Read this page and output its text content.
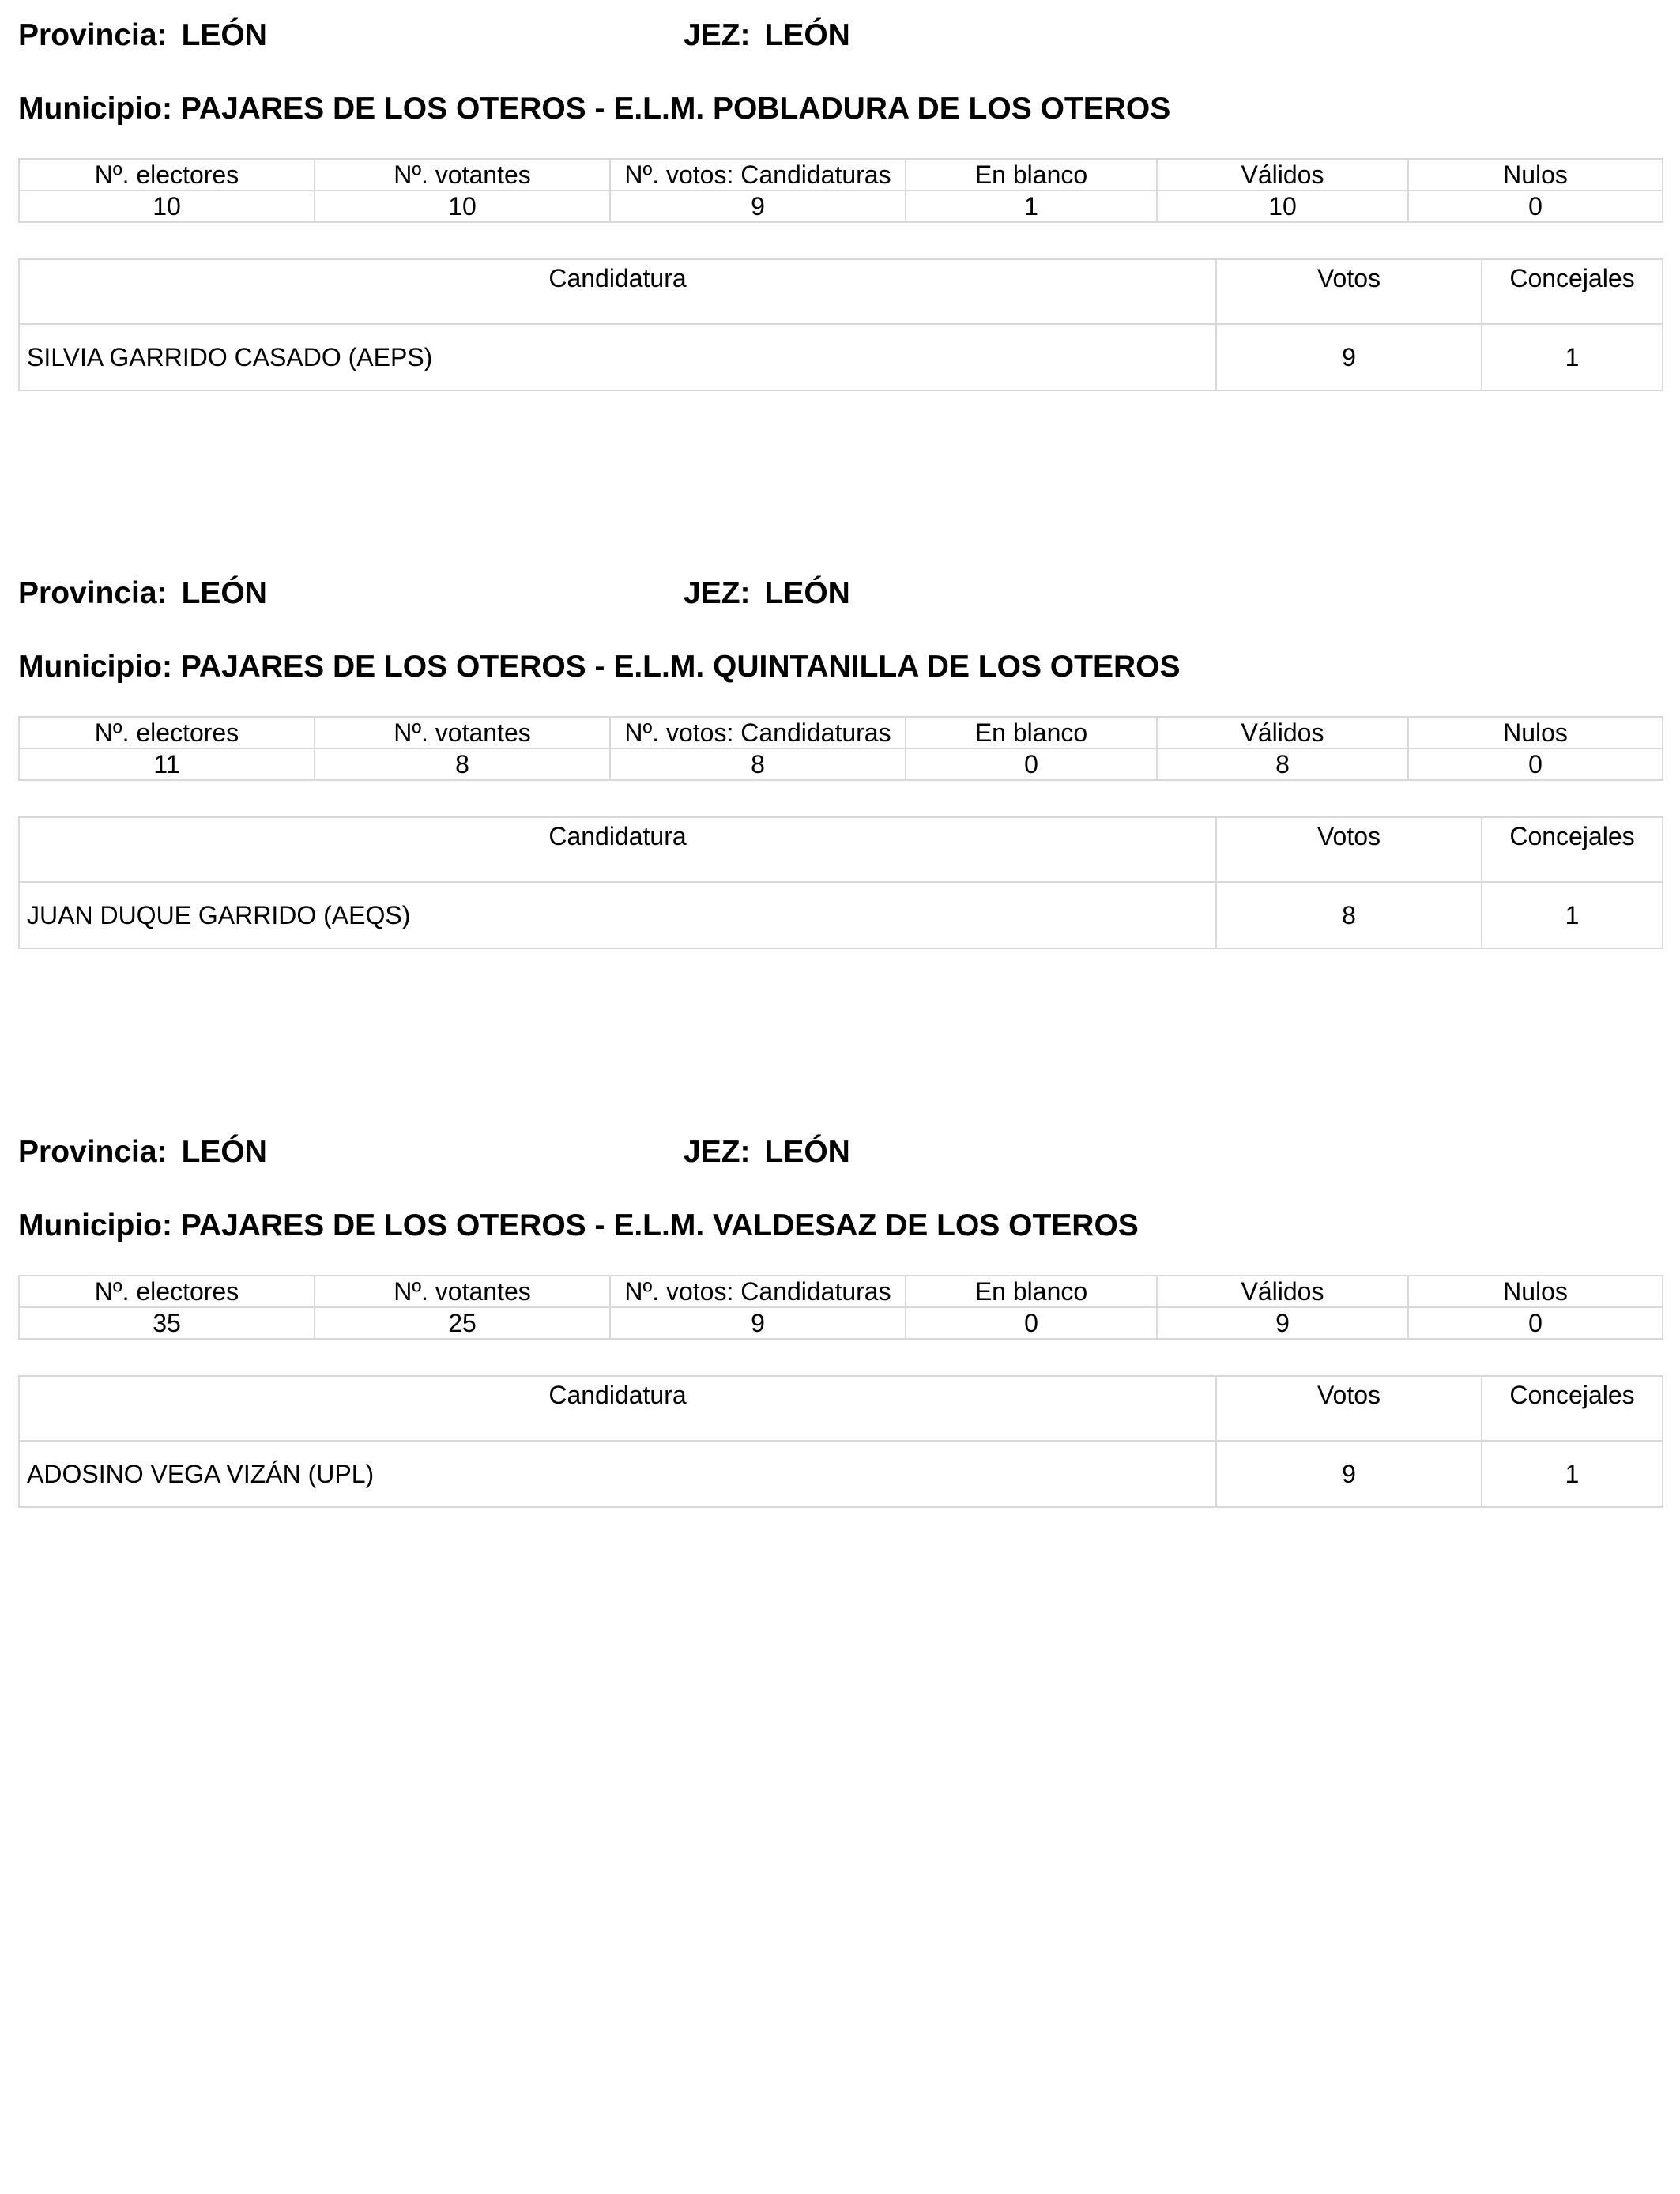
Provincia: LEÓN	JEZ: LEÓN
Municipio: PAJARES DE LOS OTEROS - E.L.M. POBLADURA DE LOS OTEROS
Nº. electores	Nº. votantes	Nº. votos: Candidaturas	En blanco	Válidos	Nulos
10	10	9	1	10	0
Candidatura	Votos	Concejales
SILVIA GARRIDO CASADO (AEPS)	9	1
Provincia: LEÓN	JEZ: LEÓN
Municipio: PAJARES DE LOS OTEROS - E.L.M. QUINTANILLA DE LOS OTEROS
Nº. electores	Nº. votantes	Nº. votos: Candidaturas	En blanco	Válidos	Nulos
11	8	8	0	8	0
Candidatura	Votos	Concejales
JUAN DUQUE GARRIDO (AEQS)	8	1
Provincia: LEÓN	JEZ: LEÓN
Municipio: PAJARES DE LOS OTEROS - E.L.M. VALDESAZ DE LOS OTEROS
Nº. electores	Nº. votantes	Nº. votos: Candidaturas	En blanco	Válidos	Nulos
35	25	9	0	9	0
Candidatura	Votos	Concejales
ADOSINO VEGA VIZÁN (UPL)	9	1
